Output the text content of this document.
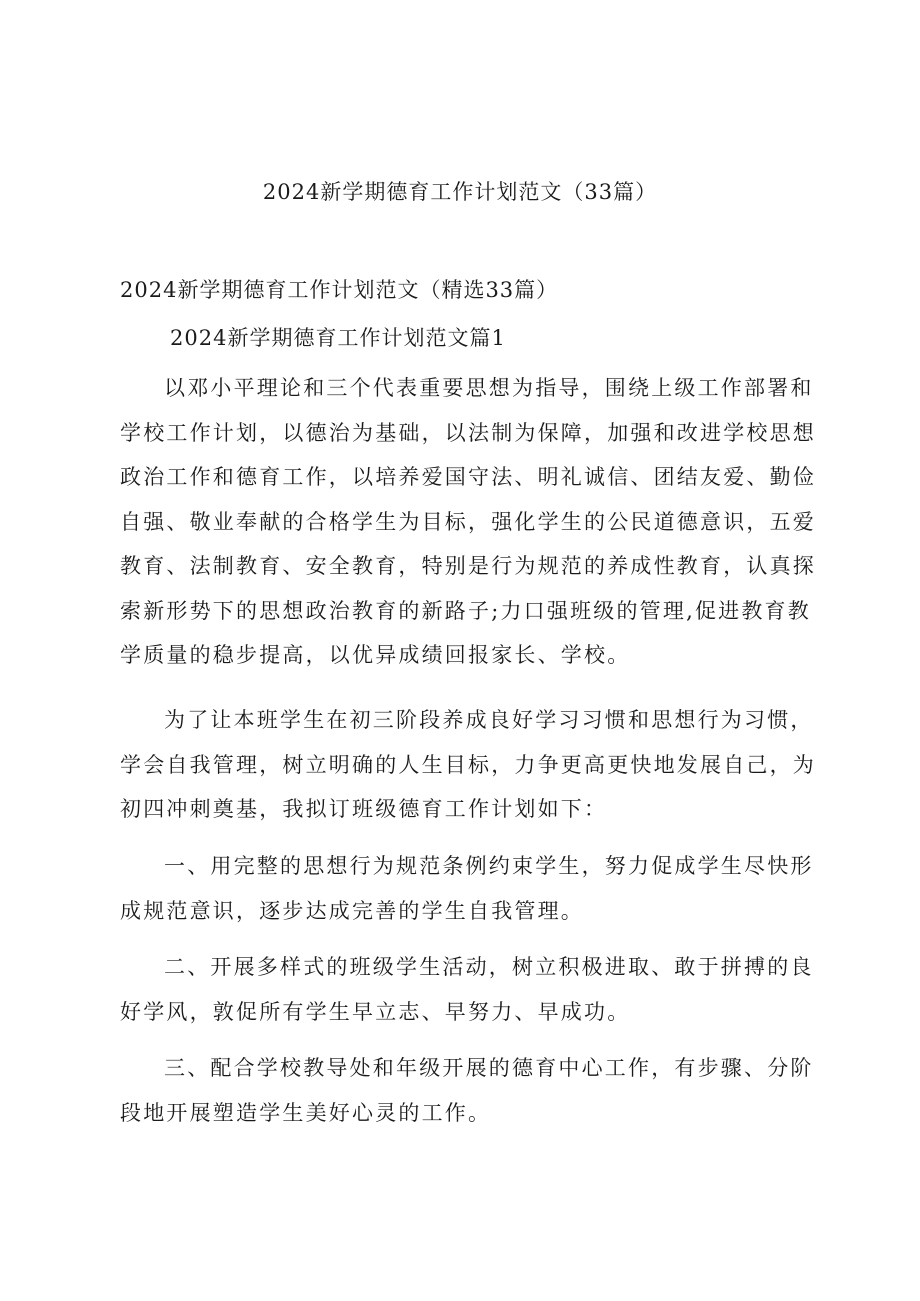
2024新学期德育工作计划范文（33篇）
2024新学期德育工作计划范文（精选33篇）
2024新学期德育工作计划范文篇1

以邓小平理论和三个代表重要思想为指导，围绕上级工作部署和
学校工作计划，以德治为基础，以法制为保障，加强和改进学校思想
政治工作和德育工作，以培养爱国守法、明礼诚信、团结友爱、勤俭
自强、敬业奉献的合格学生为目标，强化学生的公民道德意识，五爱
教育、法制教育、安全教育，特别是行为规范的养成性教育，认真探
索新形势下的思想政治教育的新路子;力口强班级的管理,促进教育教
学质量的稳步提高，以优异成绩回报家长、学校。

为了让本班学生在初三阶段养成良好学习习惯和思想行为习惯，
学会自我管理，树立明确的人生目标，力争更高更快地发展自己，为
初四冲刺奠基，我拟订班级德育工作计划如下：

一、用完整的思想行为规范条例约束学生，努力促成学生尽快形
成规范意识，逐步达成完善的学生自我管理。

二、开展多样式的班级学生活动，树立积极进取、敢于拼搏的良
好学风，敦促所有学生早立志、早努力、早成功。

三、配合学校教导处和年级开展的德育中心工作，有步骤、分阶
段地开展塑造学生美好心灵的工作。
